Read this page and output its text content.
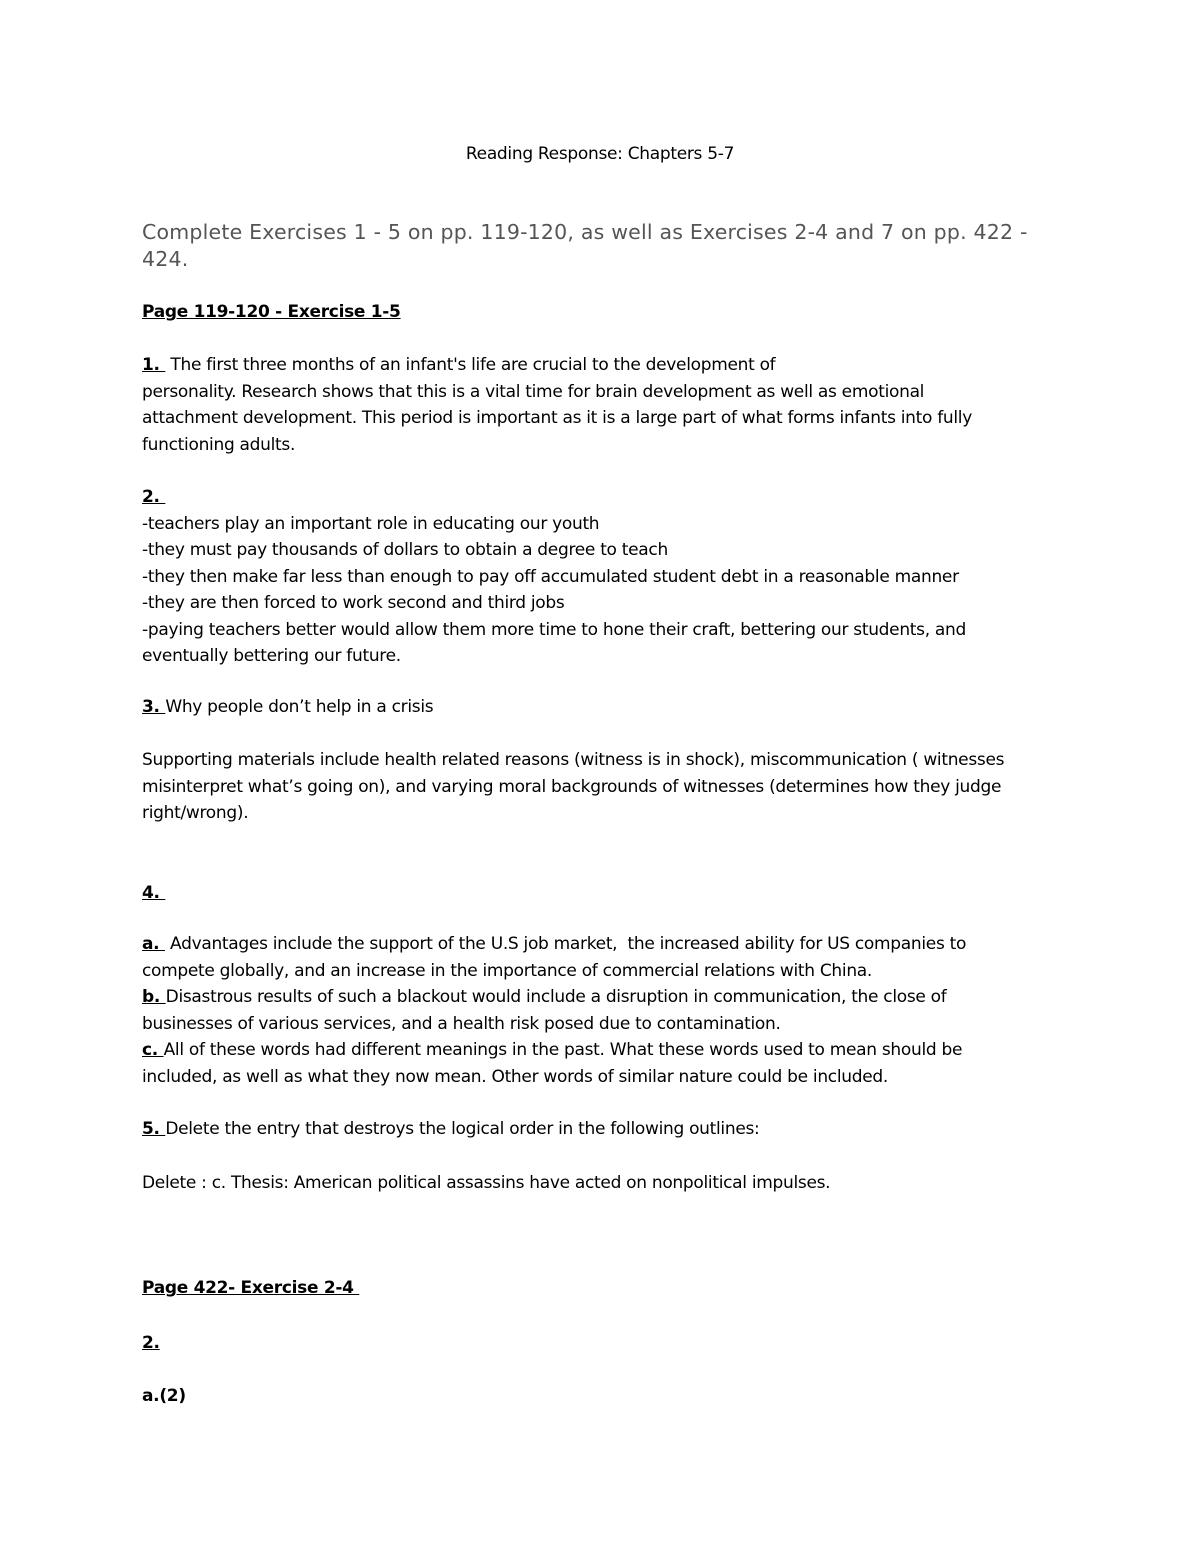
Reading Response: Chapters 5-7
Complete Exercises 1 - 5 on pp. 119-120, as well as Exercises 2-4 and 7 on pp. 422 - 424.
Page 119-120 - Exercise 1-5
1.  The first three months of an infant's life are crucial to the development of
personality. Research shows that this is a vital time for brain development as well as emotional
attachment development. This period is important as it is a large part of what forms infants into fully
functioning adults.
2.
-teachers play an important role in educating our youth
-they must pay thousands of dollars to obtain a degree to teach
-they then make far less than enough to pay off accumulated student debt in a reasonable manner
-they are then forced to work second and third jobs
-paying teachers better would allow them more time to hone their craft, bettering our students, and
eventually bettering our future.
3. Why people don’t help in a crisis
Supporting materials include health related reasons (witness is in shock), miscommunication ( witnesses
misinterpret what’s going on), and varying moral backgrounds of witnesses (determines how they judge
right/wrong).
4.
a.  Advantages include the support of the U.S job market,  the increased ability for US companies to
compete globally, and an increase in the importance of commercial relations with China.
b. Disastrous results of such a blackout would include a disruption in communication, the close of
businesses of various services, and a health risk posed due to contamination.
c. All of these words had different meanings in the past. What these words used to mean should be
included, as well as what they now mean. Other words of similar nature could be included.
5. Delete the entry that destroys the logical order in the following outlines:
Delete : c. Thesis: American political assassins have acted on nonpolitical impulses.
Page 422- Exercise 2-4
2.
a.(2)
